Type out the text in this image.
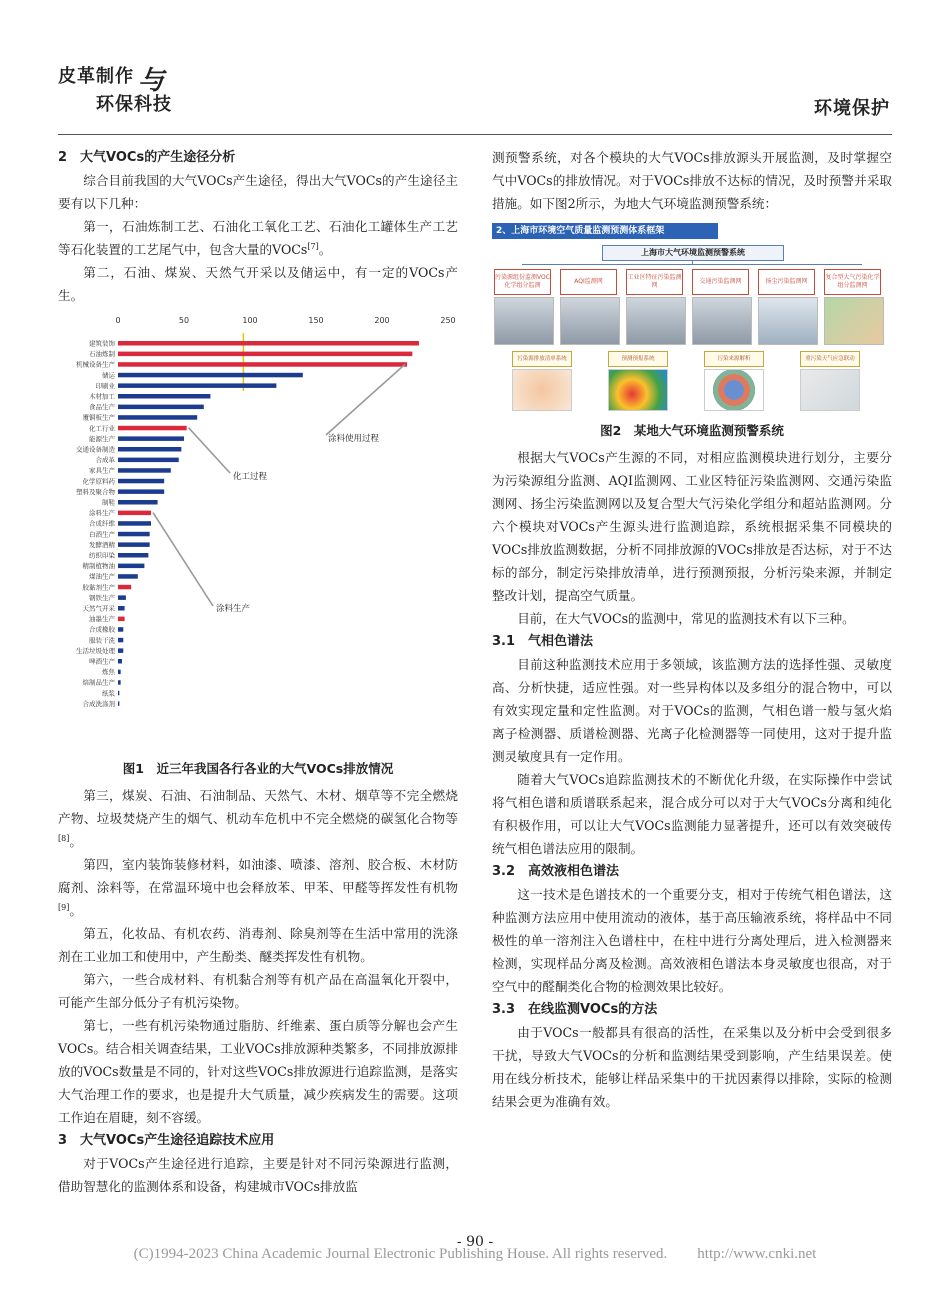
皮革制作 与
环保科技	环境保护
2　大气VOCs的产生途径分析

综合目前我国的大气VOCs产生途径，得出大气VOCs的产生途径主要有以下几种：

第一，石油炼制工艺、石油化工氧化工艺、石油化工罐体生产工艺等石化装置的工艺尾气中，包含大量的VOCs[7]。

第二，石油、煤炭、天然气开采以及储运中，有一定的VOCs产生。

0	50	100	150	200	250
建筑装饰
石油炼制
机械设备生产
储运
印刷业
木材加工
食品生产
覆铜板生产
化工行业
能源生产
交通设备制造
合成革
家具生产
化学原料药
塑料及聚合物
制鞋
涂料生产
合成纤维
白酒生产
发酵酒精
纺织印染
精制植物油
煤油生产
胶黏剂生产
钢铁生产
天然气开采
油墨生产
合成橡胶
服装干洗
生活垃圾处理
啤酒生产
炼焦
焙制品生产
纸浆
合成洗涤剂
涂料使用过程
化工过程
涂料生产
图1　近三年我国各行各业的大气VOCs排放情况

第三，煤炭、石油、石油制品、天然气、木材、烟草等不完全燃烧产物、垃圾焚烧产生的烟气、机动车危机中不完全燃烧的碳氢化合物等[8]。

第四，室内装饰装修材料，如油漆、喷漆、溶剂、胶合板、木材防腐剂、涂料等，在常温环境中也会释放苯、甲苯、甲醛等挥发性有机物[9]。

第五，化妆品、有机农药、消毒剂、除臭剂等在生活中常用的洗涤剂在工业加工和使用中，产生酚类、醚类挥发性有机物。

第六，一些合成材料、有机黏合剂等有机产品在高温氧化开裂中，可能产生部分低分子有机污染物。

第七，一些有机污染物通过脂肪、纤维素、蛋白质等分解也会产生VOCs。结合相关调查结果，工业VOCs排放源种类繁多，不同排放源排放的VOCs数量是不同的，针对这些VOCs排放源进行追踪监测，是落实大气治理工作的要求，也是提升大气质量，减少疾病发生的需要。这项工作迫在眉睫，刻不容缓。

3　大气VOCs产生途径追踪技术应用

对于VOCs产生途径进行追踪，主要是针对不同污染源进行监测，借助智慧化的监测体系和设备，构建城市VOCs排放监

测预警系统，对各个模块的大气VOCs排放源头开展监测，及时掌握空气中VOCs的排放情况。对于VOCs排放不达标的情况，及时预警并采取措施。如下图2所示，为地大气环境监测预警系统：

2、上海市环境空气质量监测预测体系框架
上海市大气环境监测预警系统
污染源组份监测VOC化学组分监测
AQI监测网
工业区特征污染监测网
交通污染监测网	扬尘污染监测网
复合型大气污染化学组分监测网
污染源排放清单系统	预测预报系统	污染来源解析	重污染天气应急联动
图2　某地大气环境监测预警系统

根据大气VOCs产生源的不同，对相应监测模块进行划分，主要分为污染源组分监测、AQI监测网、工业区特征污染监测网、交通污染监测网、扬尘污染监测网以及复合型大气污染化学组分和超站监测网。分六个模块对VOCs产生源头进行监测追踪，系统根据采集不同模块的VOCs排放监测数据，分析不同排放源的VOCs排放是否达标，对于不达标的部分，制定污染排放清单，进行预测预报，分析污染来源，并制定整改计划，提高空气质量。

目前，在大气VOCs的监测中，常见的监测技术有以下三种。

3.1　气相色谱法

目前这种监测技术应用于多领域，该监测方法的选择性强、灵敏度高、分析快捷，适应性强。对一些异构体以及多组分的混合物中，可以有效实现定量和定性监测。对于VOCs的监测，气相色谱一般与氢火焰离子检测器、质谱检测器、光离子化检测器等一同使用，这对于提升监测灵敏度具有一定作用。

随着大气VOCs追踪监测技术的不断优化升级，在实际操作中尝试将气相色谱和质谱联系起来，混合成分可以对于大气VOCs分离和纯化有积极作用，可以让大气VOCs监测能力显著提升，还可以有效突破传统气相色谱法应用的限制。

3.2　高效液相色谱法

这一技术是色谱技术的一个重要分支，相对于传统气相色谱法，这种监测方法应用中使用流动的液体，基于高压输液系统，将样品中不同极性的单一溶剂注入色谱柱中，在柱中进行分离处理后，进入检测器来检测，实现样品分离及检测。高效液相色谱法本身灵敏度也很高，对于空气中的醛酮类化合物的检测效果比较好。

3.3　在线监测VOCs的方法

由于VOCs一般都具有很高的活性，在采集以及分析中会受到很多干扰，导致大气VOCs的分析和监测结果受到影响，产生结果误差。使用在线分析技术，能够让样品采集中的干扰因素得以排除，实际的检测结果会更为准确有效。

- 90 -
(C)1994-2023 China Academic Journal Electronic Publishing House. All rights reserved.　　http://www.cnki.net
